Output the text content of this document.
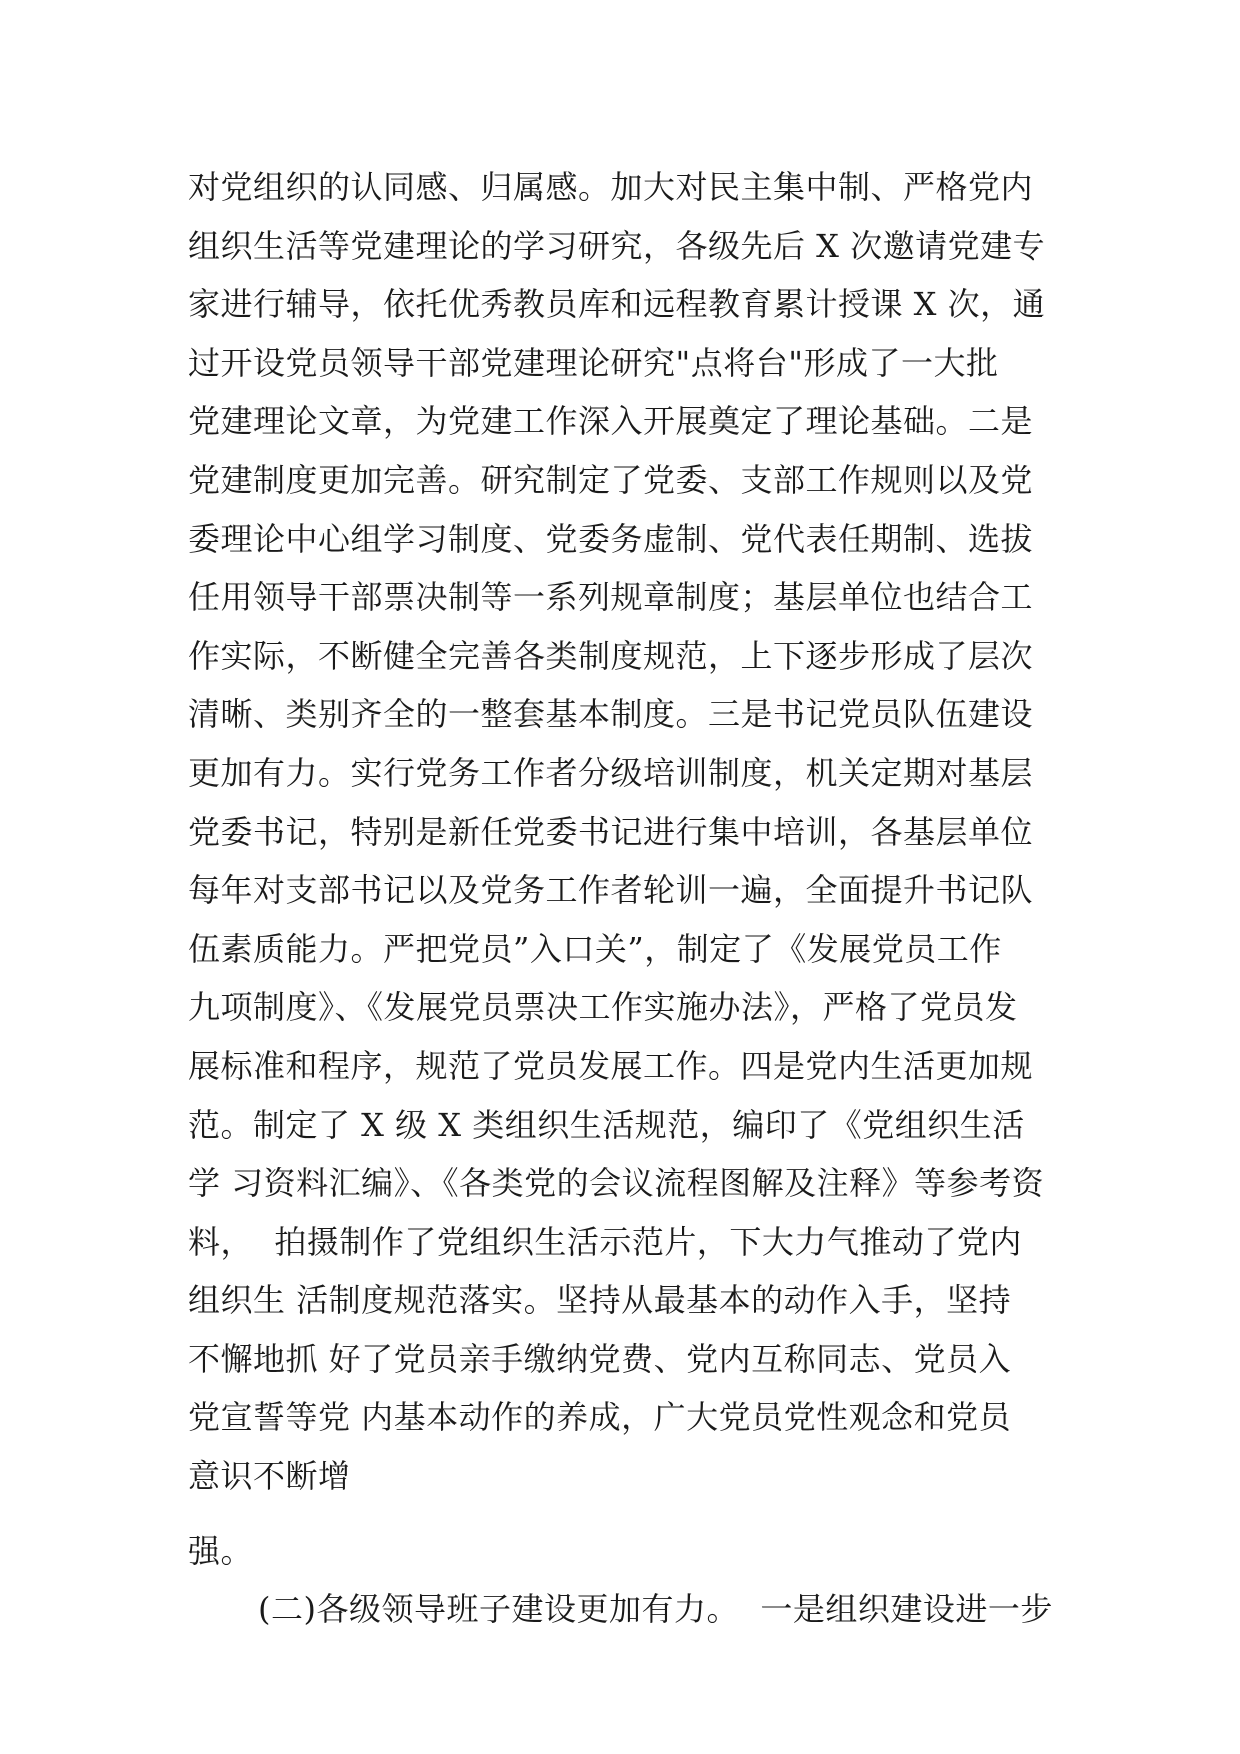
对党组织的认同感、归属感。加大对民主集中制、严格党内
组织生活等党建理论的学习研究，各级先后 X 次邀请党建专
家进行辅导，依托优秀教员库和远程教育累计授课 X 次，通
过开设党员领导干部党建理论研究"点将台"形成了一大批
党建理论文章，为党建工作深入开展奠定了理论基础。二是
党建制度更加完善。研究制定了党委、支部工作规则以及党
委理论中心组学习制度、党委务虚制、党代表任期制、选拔
任用领导干部票决制等一系列规章制度；基层单位也结合工
作实际，不断健全完善各类制度规范，上下逐步形成了层次
清晰、类别齐全的一整套基本制度。三是书记党员队伍建设
更加有力。实行党务工作者分级培训制度，机关定期对基层
党委书记，特别是新任党委书记进行集中培训，各基层单位
每年对支部书记以及党务工作者轮训一遍，全面提升书记队
伍素质能力。严把党员”入口关”，制定了《发展党员工作
九项制度》、《发展党员票决工作实施办法》，严格了党员发
展标准和程序，规范了党员发展工作。四是党内生活更加规
范。制定了 X 级 X 类组织生活规范，编印了《党组织生活
学 习资料汇编》、《各类党的会议流程图解及注释》等参考资
料，  拍摄制作了党组织生活示范片，下大力气推动了党内
组织生 活制度规范落实。坚持从最基本的动作入手，坚持
不懈地抓 好了党员亲手缴纳党费、党内互称同志、党员入
党宣誓等党 内基本动作的养成，广大党员党性观念和党员
意识不断增
强。
(二)各级领导班子建设更加有力。  一是组织建设进一步
